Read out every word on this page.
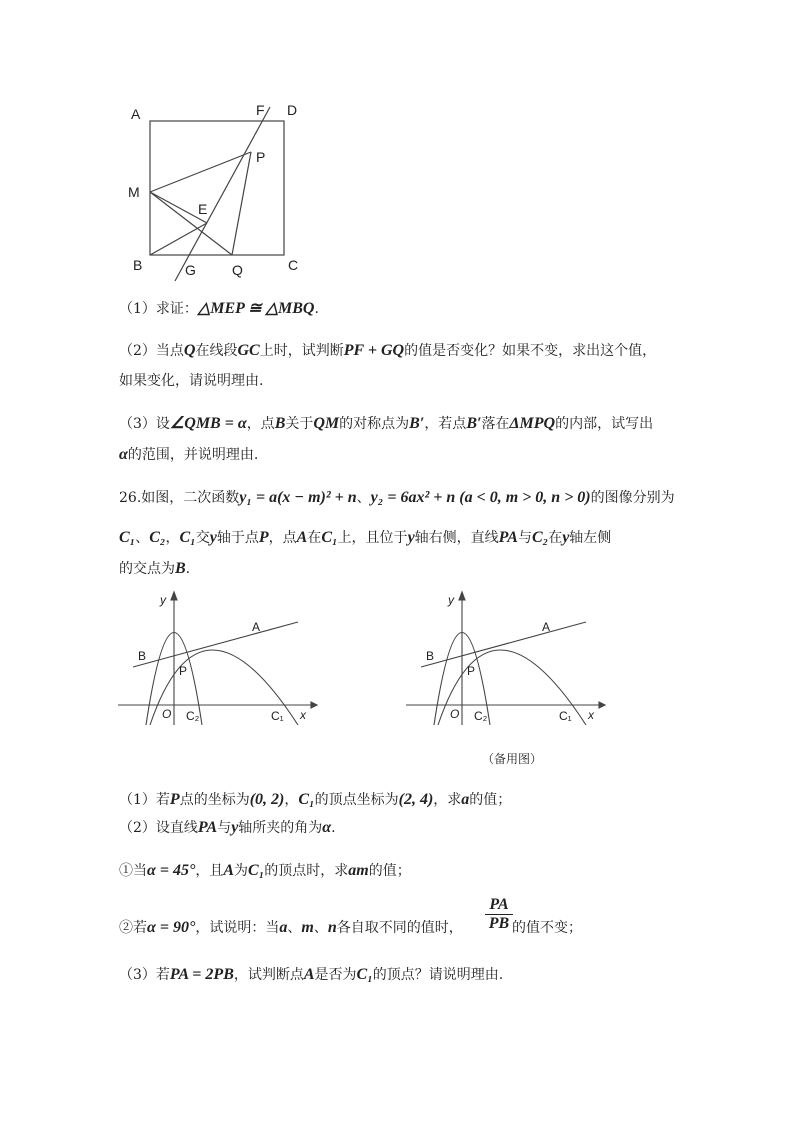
A	F D
P
M
E
B	G	Q	C
（1）求证：△MEP ≅ △MBQ.
（2）当点Q在线段GC上时，试判断PF + GQ的值是否变化？如果不变，求出这个值，
如果变化，请说明理由.
（3）设∠QMB = α，点B关于QM的对称点为B′，若点B′落在ΔMPQ的内部，试写出
α的范围，并说明理由.
26.如图，二次函数y₁ = a(x − m)² + n、y₂ = 6ax² + n (a < 0, m > 0, n > 0)的图像分别为
C₁、C₂，C₁交y轴于点P，点A在C₁上，且位于y轴右侧，直线PA与C₂在y轴左侧
的交点为B.
y
x
O
A
B
P
C₂	C₁
y
x
O
A
B
P
C₂	C₁
（备用图）
（1）若P点的坐标为(0, 2)，C₁的顶点坐标为(2, 4)，求a的值；
（2）设直线PA与y轴所夹的角为α.
①当α = 45°，且A为C₁的顶点时，求am的值；
②若α = 90°，试说明：当a、m、n各自取不同的值时， $\frac{PA}{PB}$ 的值不变；
（3）若PA = 2PB，试判断点A是否为C₁的顶点？请说明理由.
